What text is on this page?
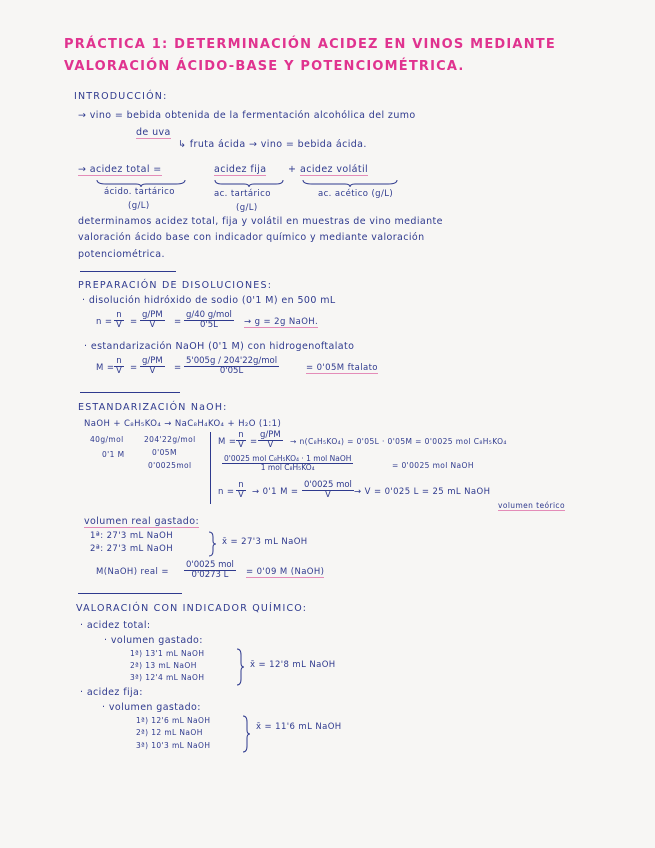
PRÁCTICA 1: DETERMINACIÓN ACIDEZ EN VINOS MEDIANTE
VALORACIÓN ÁCIDO-BASE Y POTENCIOMÉTRICA.
INTRODUCCIÓN:
→ vino = bebida obtenida de la fermentación alcohólica del zumo
de uva
↳ fruta ácida → vino = bebida ácida.
→ acidez total =	acidez fija + acidez volátil
ácido. tartárico
(g/L)
ac. tartárico
(g/L)
ac. acético (g/L)
determinamos acidez total, fija y volátil en muestras de vino mediante
valoración ácido base con indicador químico y mediante valoración
potenciométrica.
PREPARACIÓN DE DISOLUCIONES:
· disolución hidróxido de sodio (0'1 M) en 500 mL
$n = \frac{n}{V} = \frac{g/PM}{V}$ =
g/40 g/mol
0'5L	→ g = 2g NaOH.
· estandarización NaOH (0'1 M) con hidrogenoftalato
$M = \frac{n}{V} = \frac{g/PM}{V}$ =
5'005g / 204'22g/mol
0'05L	= 0'05M ftalato
ESTANDARIZACIÓN NaOH:
NaOH + C₈H₅KO₄ → NaC₈H₄KO₄ + H₂O (1:1)
40g/mol	204'22g/mol
0'1 M	0'05M
0'0025mol
$M = \frac{n}{V} = \frac{g/PM}{V} \to n(C_8H_5KO_4) = 0'05L \cdot 0'05M = 0'0025$ mol C₈H₅KO₄
0'0025 mol C₈H₅KO₄ · 1 mol NaOH
1 mol C₈H₅KO₄	= 0'0025 mol NaOH
$n = \frac{n}{V} \to 0'1$ M =
0'0025 mol
V	→ V = 0'025 L = 25 mL NaOH
volumen teórico
volumen real gastado:
1ª: 27'3 mL NaOH
2ª: 27'3 mL NaOH
x̄ = 27'3 mL NaOH
M(NaOH) real =
0'0025 mol
0'0273 L	= 0'09 M (NaOH)
VALORACIÓN CON INDICADOR QUÍMICO:
· acidez total:
· volumen gastado:
1ª) 13'1 mL NaOH
2ª) 13 mL NaOH
3ª) 12'4 mL NaOH
x̄ = 12'8 mL NaOH
· acidez fija:
· volumen gastado:
1ª) 12'6 mL NaOH
2ª) 12 mL NaOH
3ª) 10'3 mL NaOH
x̄ = 11'6 mL NaOH
